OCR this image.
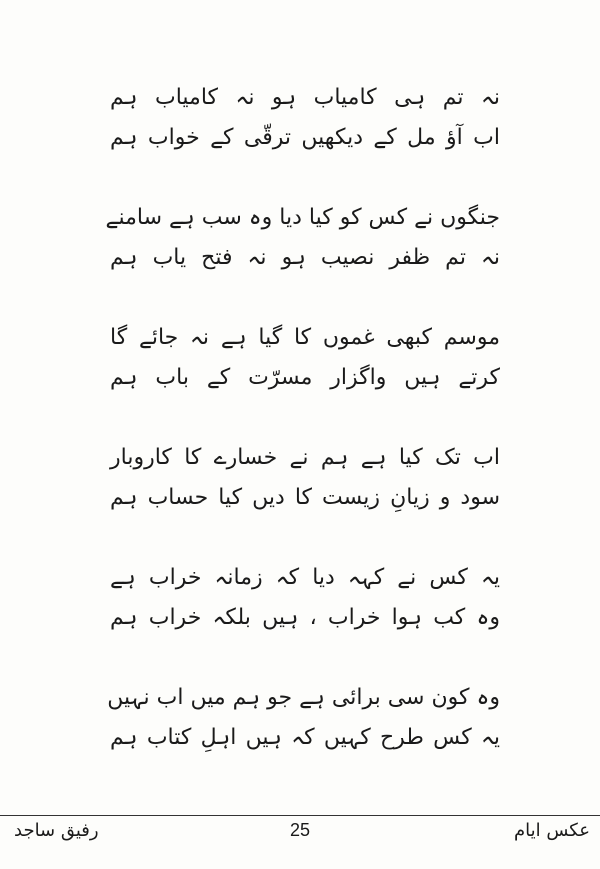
نہ تم ہی کامیاب ہو نہ کامیاب ہم
اب آؤ مل کے دیکھیں ترقّی کے خواب ہم
جنگوں نے کس کو کیا دیا وہ سب ہے سامنے
نہ تم ظفر نصیب ہو نہ فتح یاب ہم
موسم کبھی غموں کا گیا ہے نہ جائے گا
کرتے ہیں واگزار مسرّت کے باب ہم
اب تک کیا ہے ہم نے خسارے کا کاروبار
سود و زیانِ زیست کا دیں کیا حساب ہم
یہ کس نے کہہ دیا کہ زمانہ خراب ہے
وہ کب ہوا خراب ، ہیں بلکہ خراب ہم
وہ کون سی برائی ہے جو ہم میں اب نہیں
یہ کس طرح کہیں کہ ہیں اہلِ کتاب ہم
رفیق ساجد	25	عکس ایام
